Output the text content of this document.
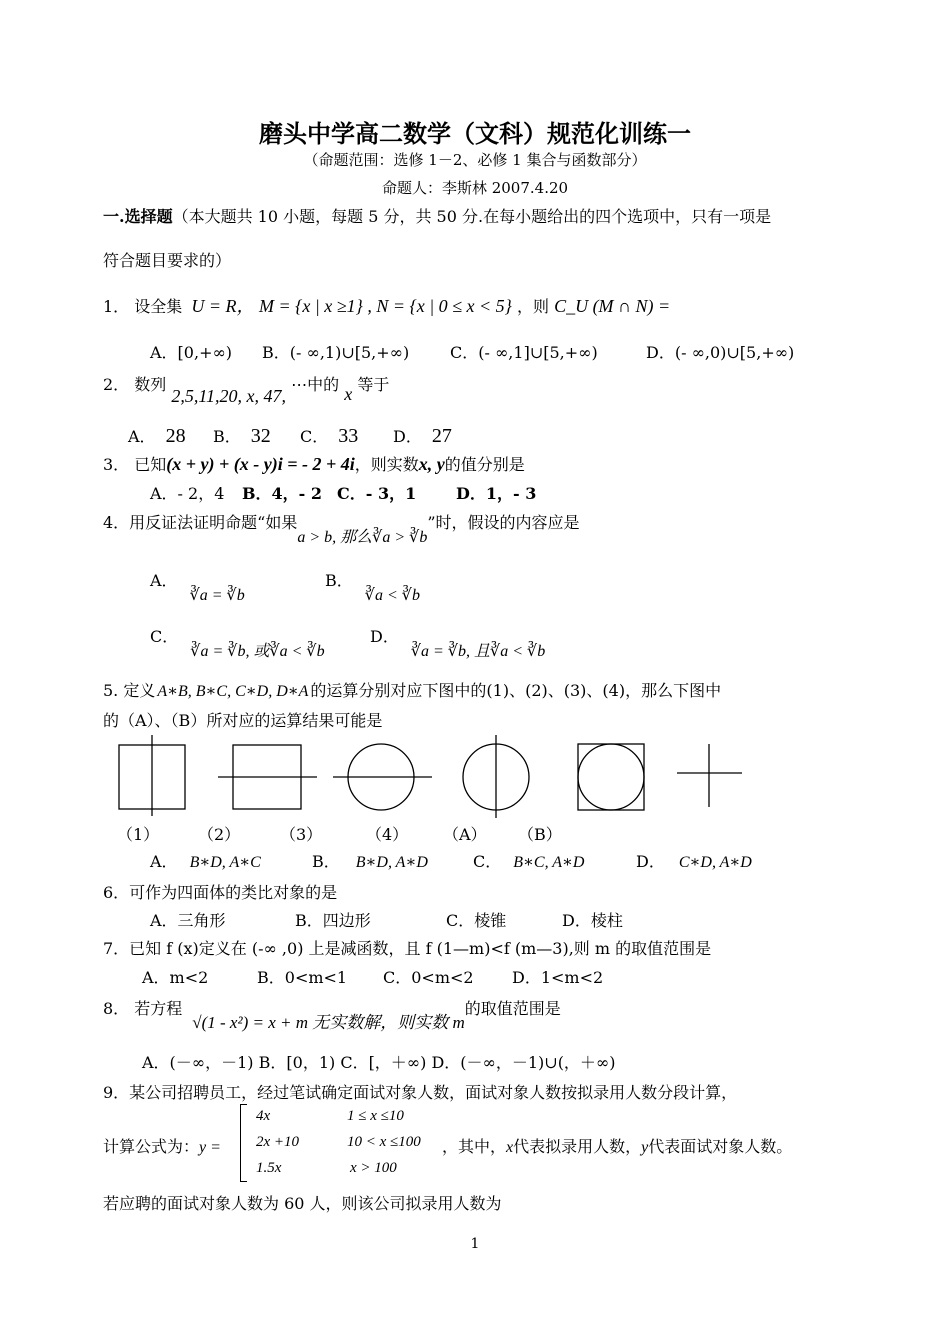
磨头中学高二数学（文科）规范化训练一
（命题范围：选修 1－2、必修 1 集合与函数部分）
命题人：李斯林 2007.4.20
一.选择题（本大题共 10 小题，每题 5 分，共 50 分.在每小题给出的四个选项中，只有一项是
符合题目要求的）
1． 设全集 U = R， M = {x | x ≥1} , N = {x | 0 ≤ x < 5} ，则 C_U (M ∩ N) =
A．[0,+∞) B．(- ∞,1)∪[5,+∞)	C．(- ∞,1]∪[5,+∞)	D．(- ∞,0)∪[5,+∞)
2． 数列 2,5,11,20, x, 47, ⋯中的 x 等于
A． 28 B． 32 C． 33 D． 27
3． 已知(x + y) + (x - y)i = - 2 + 4i，则实数x, y的值分别是
A．- 2，4 B．4，- 2 C．- 3，1 D．1，- 3
4．用反证法证明命题“如果a > b, 那么∛a > ∛b”时，假设的内容应是
A．∛a = ∛b
B．∛a < ∛b
C．∛a = ∛b, 或∛a < ∛b
D．∛a = ∛b, 且∛a < ∛b
5. 定义 A∗B, B∗C, C∗D, D∗A 的运算分别对应下图中的(1)、(2)、(3)、(4)，那么下图中
的（A）、（B）所对应的运算结果可能是
（1） （2） （3）	（4） （A） （B）
A． B∗D, A∗C	B． B∗D, A∗D	C． B∗C, A∗D	D． C∗D, A∗D
6．可作为四面体的类比对象的是
A．三角形	B．四边形	C．棱锥	D．棱柱
7．已知 f (x)定义在 (-∞ ,0) 上是减函数，且 f (1—m)<f (m—3),则 m 的取值范围是
A．m<2	B．0<m<1 C．0<m<2 D．1<m<2
8． 若方程√(1 - x²) = x + m 无实数解，则实数 m的取值范围是
A．(－∞，－1) B．[0，1) C．[，＋∞) D．(－∞，－1)∪(，＋∞)
9．某公司招聘员工，经过笔试确定面试对象人数，面试对象人数按拟录用人数分段计算，
计算公式为：y =
4x	1 ≤ x ≤10
2x +10	10 < x ≤100
1.5x	x > 100
，其中，x代表拟录用人数，y代表面试对象人数。
若应聘的面试对象人数为 60 人，则该公司拟录用人数为
1
